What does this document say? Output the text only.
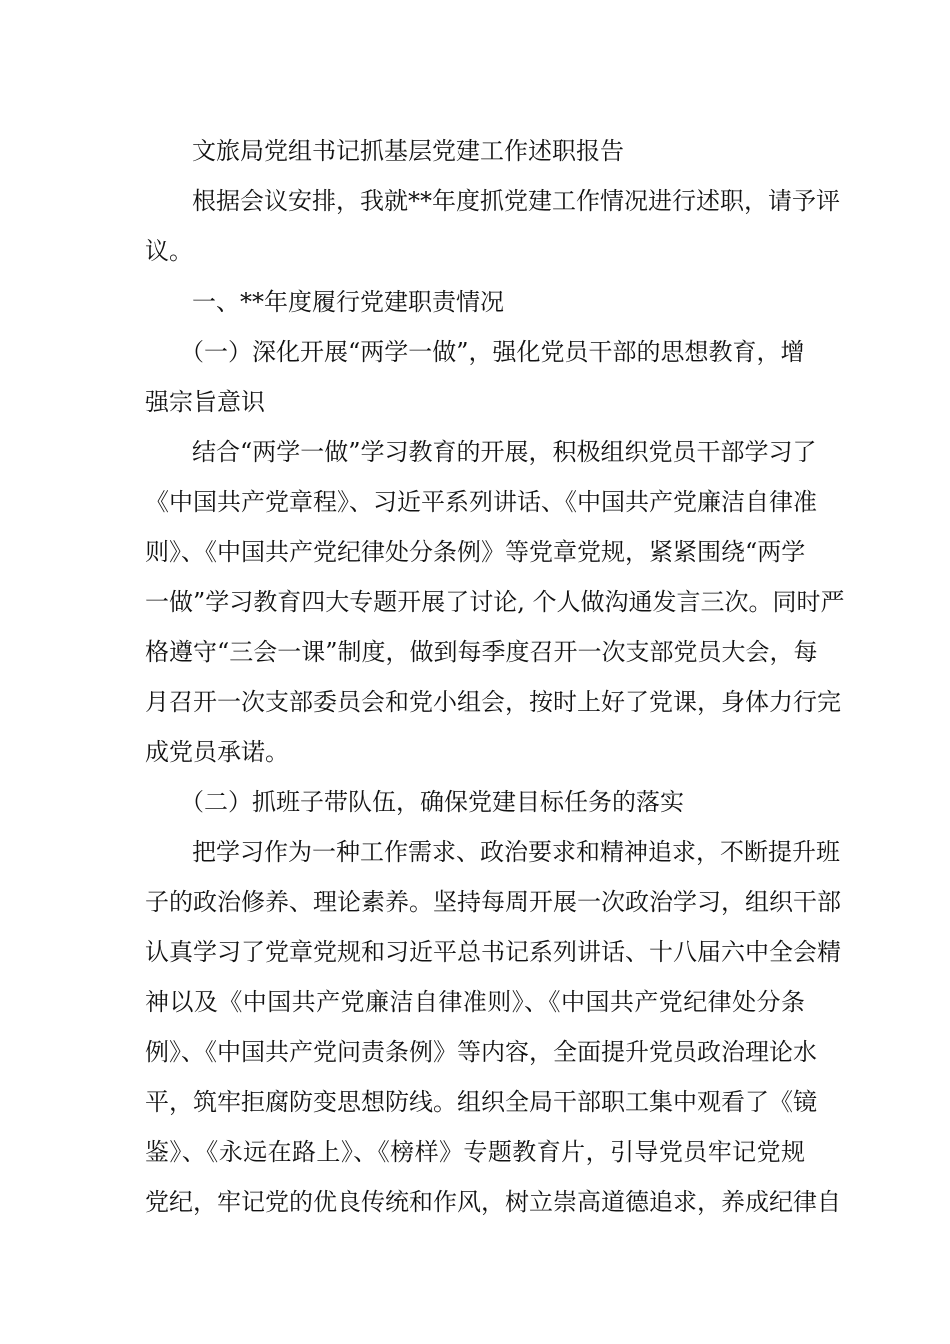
文旅局党组书记抓基层党建工作述职报告
根据会议安排，我就**年度抓党建工作情况进行述职，请予评
议。
一、**年度履行党建职责情况
（一）深化开展“两学一做”，强化党员干部的思想教育，增
强宗旨意识
结合“两学一做”学习教育的开展，积极组织党员干部学习了
《中国共产党章程》、习近平系列讲话、《中国共产党廉洁自律准
则》、《中国共产党纪律处分条例》等党章党规，紧紧围绕“两学
一做”学习教育四大专题开展了讨论, 个人做沟通发言三次。同时严
格遵守“三会一课”制度，做到每季度召开一次支部党员大会，每
月召开一次支部委员会和党小组会，按时上好了党课，身体力行完
成党员承诺。
（二）抓班子带队伍，确保党建目标任务的落实
把学习作为一种工作需求、政治要求和精神追求，不断提升班
子的政治修养、理论素养。坚持每周开展一次政治学习，组织干部
认真学习了党章党规和习近平总书记系列讲话、十八届六中全会精
神以及《中国共产党廉洁自律准则》、《中国共产党纪律处分条
例》、《中国共产党问责条例》等内容，全面提升党员政治理论水
平，筑牢拒腐防变思想防线。组织全局干部职工集中观看了《镜
鉴》、《永远在路上》、《榜样》专题教育片，引导党员牢记党规
党纪，牢记党的优良传统和作风，树立崇高道德追求，养成纪律自
